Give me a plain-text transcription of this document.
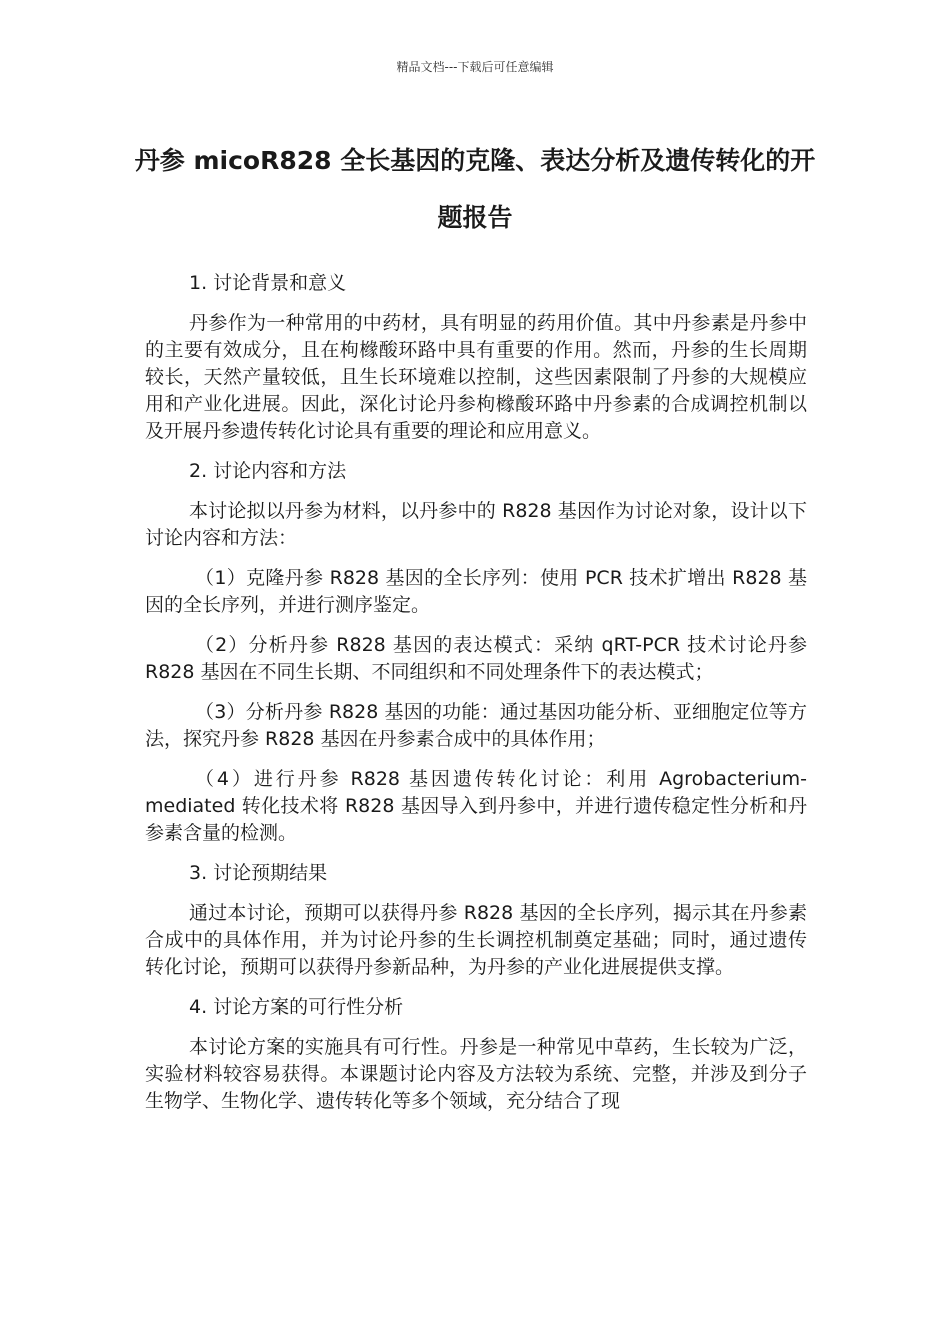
精品文档---下载后可任意编辑
丹参 micoR828 全长基因的克隆、表达分析及遗传转化的开题报告

1. 讨论背景和意义

丹参作为一种常用的中药材，具有明显的药用价值。其中丹参素是丹参中的主要有效成分，且在枸橼酸环路中具有重要的作用。然而，丹参的生长周期较长，天然产量较低，且生长环境难以控制，这些因素限制了丹参的大规模应用和产业化进展。因此，深化讨论丹参枸橼酸环路中丹参素的合成调控机制以及开展丹参遗传转化讨论具有重要的理论和应用意义。

2. 讨论内容和方法

本讨论拟以丹参为材料，以丹参中的 R828 基因作为讨论对象，设计以下讨论内容和方法：

（1）克隆丹参 R828 基因的全长序列：使用 PCR 技术扩增出 R828 基因的全长序列，并进行测序鉴定。

（2）分析丹参 R828 基因的表达模式：采纳 qRT-PCR 技术讨论丹参 R828 基因在不同生长期、不同组织和不同处理条件下的表达模式；

（3）分析丹参 R828 基因的功能：通过基因功能分析、亚细胞定位等方法，探究丹参 R828 基因在丹参素合成中的具体作用；

（4）进行丹参 R828 基因遗传转化讨论：利用 Agrobacterium-mediated 转化技术将 R828 基因导入到丹参中，并进行遗传稳定性分析和丹参素含量的检测。

3. 讨论预期结果

通过本讨论，预期可以获得丹参 R828 基因的全长序列，揭示其在丹参素合成中的具体作用，并为讨论丹参的生长调控机制奠定基础；同时，通过遗传转化讨论，预期可以获得丹参新品种，为丹参的产业化进展提供支撑。

4. 讨论方案的可行性分析

本讨论方案的实施具有可行性。丹参是一种常见中草药，生长较为广泛，实验材料较容易获得。本课题讨论内容及方法较为系统、完整，并涉及到分子生物学、生物化学、遗传转化等多个领域，充分结合了现
